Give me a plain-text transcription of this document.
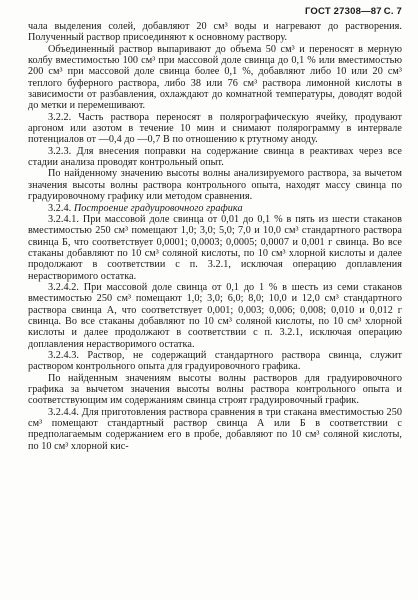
ГОСТ 27308—87 С. 7

чала выделения солей, добавляют 20 см³ воды и нагревают до растворения. Полученный раствор присоединяют к основному раствору.

Объединенный раствор выпаривают до объема 50 см³ и переносят в мерную колбу вместимостью 100 см³ при массовой доле свинца до 0,1 % или вместимостью 200 см³ при массовой доле свинца более 0,1 %, добавляют либо 10 или 20 см³ теплого буферного раствора, либо 38 или 76 см³ раствора лимонной кислоты в зависимости от разбавления, охлаждают до комнатной температуры, доводят водой до метки и перемешивают.

3.2.2. Часть раствора переносят в полярографическую ячейку, продувают аргоном или азотом в течение 10 мин и снимают полярограмму в интервале потенциалов от —0,4 до —0,7 В по отношению к ртутному аноду.

3.2.3. Для внесения поправки на содержание свинца в реактивах через все стадии анализа проводят контрольный опыт.

По найденному значению высоты волны анализируемого раствора, за вычетом значения высоты волны раствора контрольного опыта, находят массу свинца по градуировочному графику или методом сравнения.

3.2.4. Построение градуировочного графика

3.2.4.1. При массовой доле свинца от 0,01 до 0,1 % в пять из шести стаканов вместимостью 250 см³ помещают 1,0; 3,0; 5,0; 7,0 и 10,0 см³ стандартного раствора свинца Б, что соответствует 0,0001; 0,0003; 0,0005; 0,0007 и 0,001 г свинца. Во все стаканы добавляют по 10 см³ соляной кислоты, по 10 см³ хлорной кислоты и далее продолжают в соответствии с п. 3.2.1, исключая операцию доплавления нерастворимого остатка.

3.2.4.2. При массовой доле свинца от 0,1 до 1 % в шесть из семи стаканов вместимостью 250 см³ помещают 1,0; 3,0; 6,0; 8,0; 10,0 и 12,0 см³ стандартного раствора свинца А, что соответствует 0,001; 0,003; 0,006; 0,008; 0,010 и 0,012 г свинца. Во все стаканы добавляют по 10 см³ соляной кислоты, по 10 см³ хлорной кислоты и далее продолжают в соответствии с п. 3.2.1, исключая операцию доплавления нерастворимого остатка.

3.2.4.3. Раствор, не содержащий стандартного раствора свинца, служит раствором контрольного опыта для градуировочного графика.

По найденным значениям высоты волны растворов для градуировочного графика за вычетом значения высоты волны раствора контрольного опыта и соответствующим им содержаниям свинца строят градуировочный график.

3.2.4.4. Для приготовления раствора сравнения в три стакана вместимостью 250 см³ помещают стандартный раствор свинца А или Б в соответствии с предполагаемым содержанием его в пробе, добавляют по 10 см³ соляной кислоты, по 10 см³ хлорной кис-
